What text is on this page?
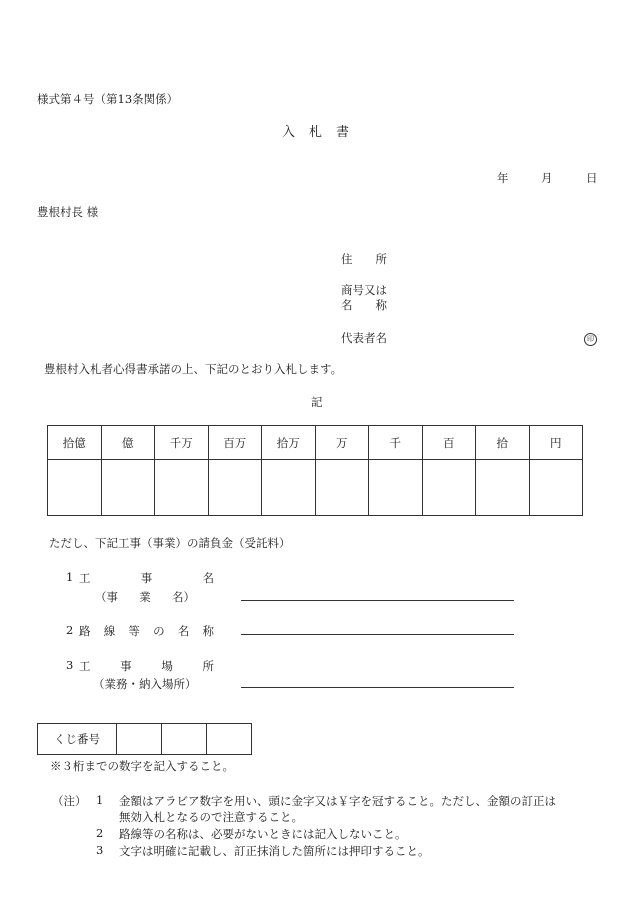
様式第４号（第13条関係）
入札書
年	月	日
豊根村長 様
住　　所
商号又は
名　　称
代表者名	印
豊根村入札者心得書承諾の上、下記のとおり入札します。
記
拾億	億	千万	百万	拾万	万	千	百	拾	円

ただし、下記工事（事業）の請負金（受託料）
1 工	事	名
（事 業 名）
2 路 線 等 の 名 称
3 工	事	場	所
（業務・納入場所）
くじ番号			
※３桁までの数字を記入すること。
（注） 1 金額はアラビア数字を用い、頭に金字又は￥字を冠すること。ただし、金額の訂正は
無効入札となるので注意すること。
2 路線等の名称は、必要がないときには記入しないこと。
3 文字は明確に記載し、訂正抹消した箇所には押印すること。
